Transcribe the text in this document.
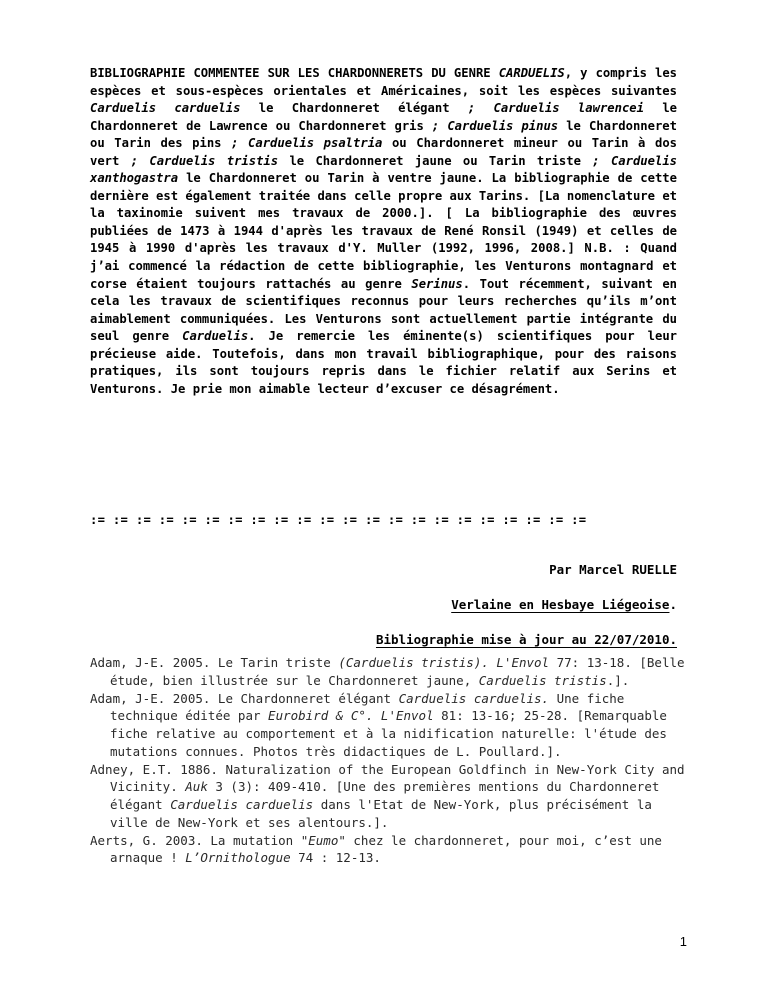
BIBLIOGRAPHIE COMMENTEE SUR LES CHARDONNERETS DU GENRE CARDUELIS, y compris les espèces et sous-espèces orientales et Américaines, soit les espèces suivantes Carduelis carduelis le Chardonneret élégant ; Carduelis lawrencei le Chardonneret de Lawrence ou Chardonneret gris ; Carduelis pinus le Chardonneret ou Tarin des pins ; Carduelis psaltria ou Chardonneret mineur ou Tarin à dos vert ; Carduelis tristis le Chardonneret jaune ou Tarin triste ; Carduelis xanthogastra le Chardonneret ou Tarin à ventre jaune. La bibliographie de cette dernière est également traitée dans celle propre aux Tarins. [La nomenclature et la taxinomie suivent mes travaux de 2000.]. [ La bibliographie des œuvres publiées de 1473 à 1944 d'après les travaux de René Ronsil (1949) et celles de 1945 à 1990 d'après les travaux d'Y. Muller (1992, 1996, 2008.] N.B. : Quand j’ai commencé la rédaction de cette bibliographie, les Venturons montagnard et corse étaient toujours rattachés au genre Serinus. Tout récemment, suivant en cela les travaux de scientifiques reconnus pour leurs recherches qu’ils m’ont aimablement communiquées. Les Venturons sont actuellement partie intégrante du seul genre Carduelis. Je remercie les éminente(s) scientifiques pour leur précieuse aide. Toutefois, dans mon travail bibliographique, pour des raisons pratiques, ils sont toujours repris dans le fichier relatif aux Serins et Venturons. Je prie mon aimable lecteur d’excuser ce désagrément.
:= := := := := := := := := := := := := := := := := := := := := :=
Par Marcel RUELLE
Verlaine en Hesbaye Liégeoise.
Bibliographie mise à jour au 22/07/2010.

Adam, J-E. 2005. Le Tarin triste (Carduelis tristis). L'Envol 77: 13-18. [Belle étude, bien illustrée sur le Chardonneret jaune, Carduelis tristis.].

Adam, J-E. 2005. Le Chardonneret élégant Carduelis carduelis. Une fiche technique éditée par Eurobird & C°. L'Envol 81: 13-16; 25-28. [Remarquable fiche relative au comportement et à la nidification naturelle: l'étude des mutations connues. Photos très didactiques de L. Poullard.].

Adney, E.T. 1886. Naturalization of the European Goldfinch in New-York City and Vicinity. Auk 3 (3): 409-410. [Une des premières mentions du Chardonneret élégant Carduelis carduelis dans l'Etat de New-York, plus précisément la ville de New-York et ses alentours.].

Aerts, G. 2003. La mutation "Eumo" chez le chardonneret, pour moi, c’est une arnaque ! L’Ornithologue 74 : 12-13.

1
